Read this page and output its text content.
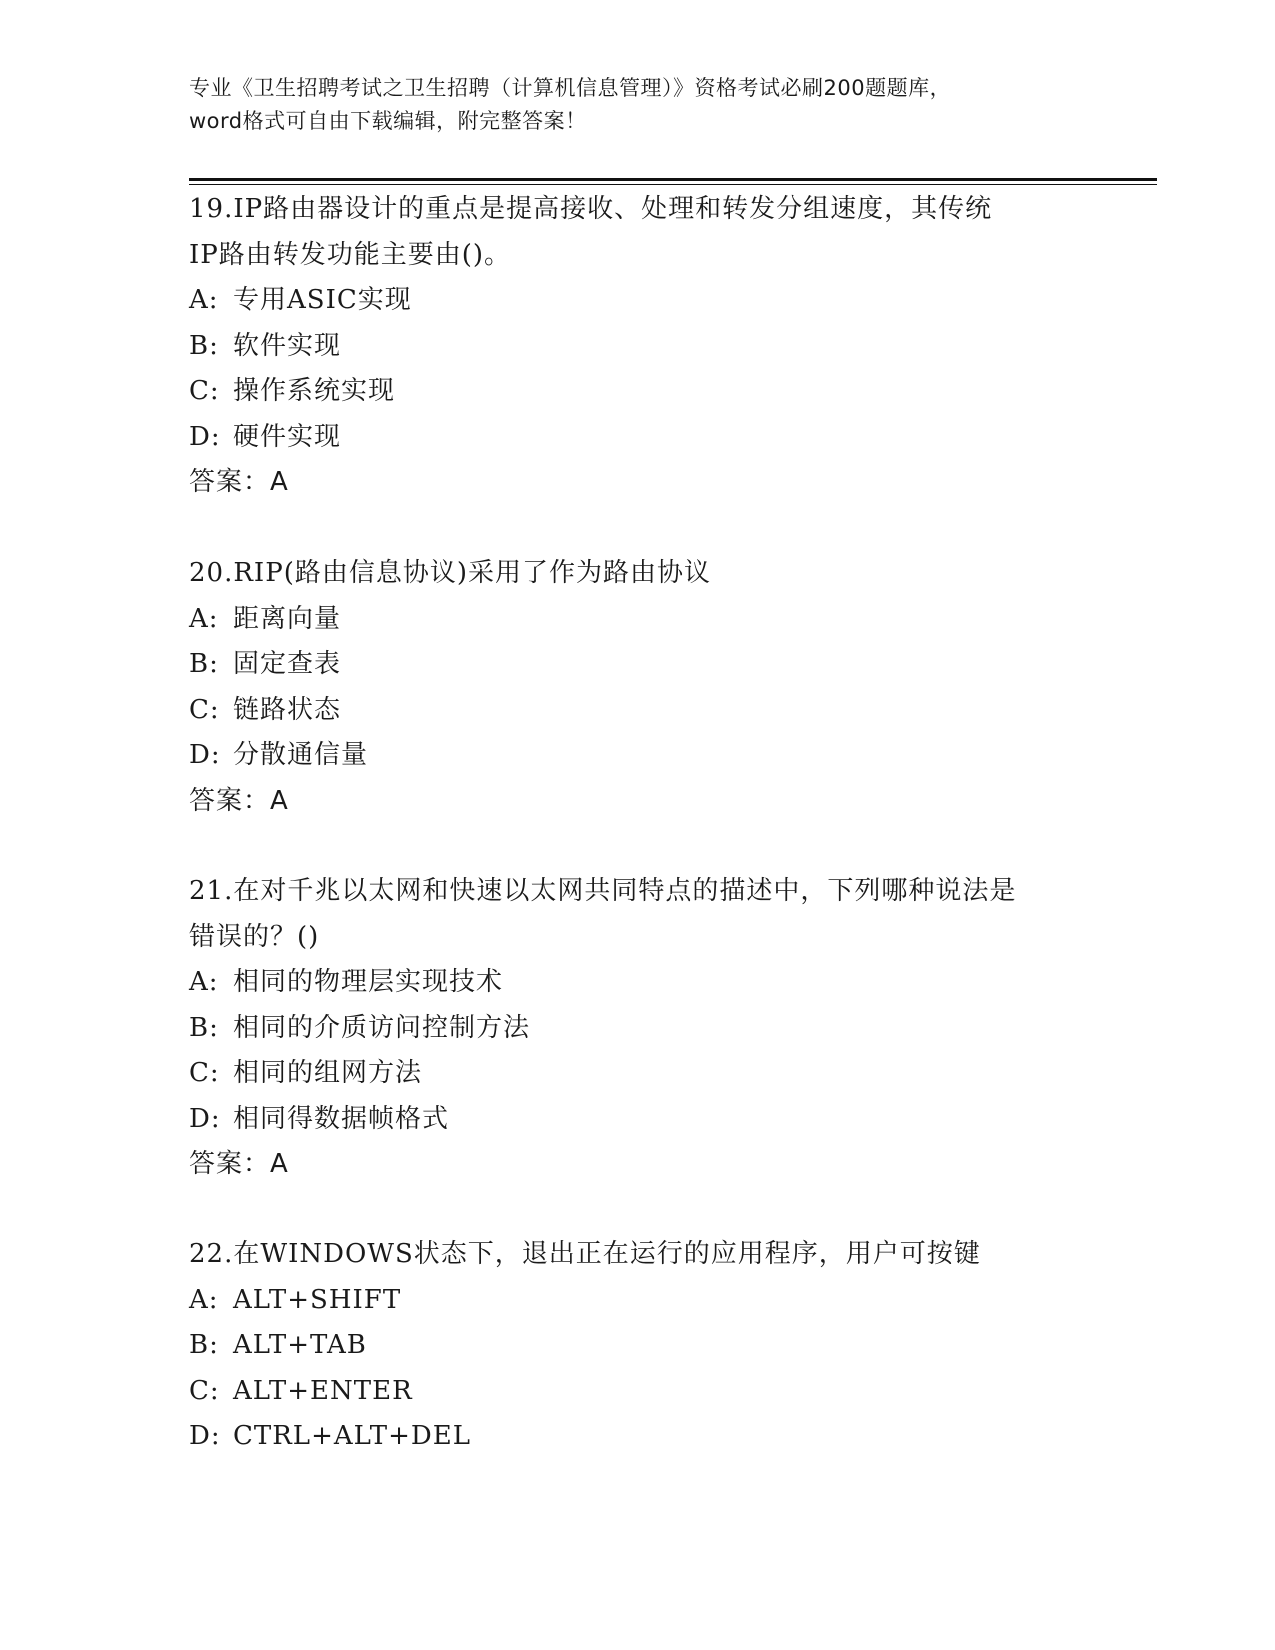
专业《卫生招聘考试之卫生招聘（计算机信息管理）》资格考试必刷200题题库，
word格式可自由下载编辑，附完整答案！
19.IP路由器设计的重点是提高接收、处理和转发分组速度，其传统
IP路由转发功能主要由()。
A: 专用ASIC实现
B: 软件实现
C: 操作系统实现
D: 硬件实现
答案：A
20.RIP(路由信息协议)采用了作为路由协议
A: 距离向量
B: 固定查表
C: 链路状态
D: 分散通信量
答案：A
21.在对千兆以太网和快速以太网共同特点的描述中，下列哪种说法是
错误的？()
A: 相同的物理层实现技术
B: 相同的介质访问控制方法
C: 相同的组网方法
D: 相同得数据帧格式
答案：A
22.在WINDOWS状态下，退出正在运行的应用程序，用户可按键
A: ALT+SHIFT
B: ALT+TAB
C: ALT+ENTER
D: CTRL+ALT+DEL
